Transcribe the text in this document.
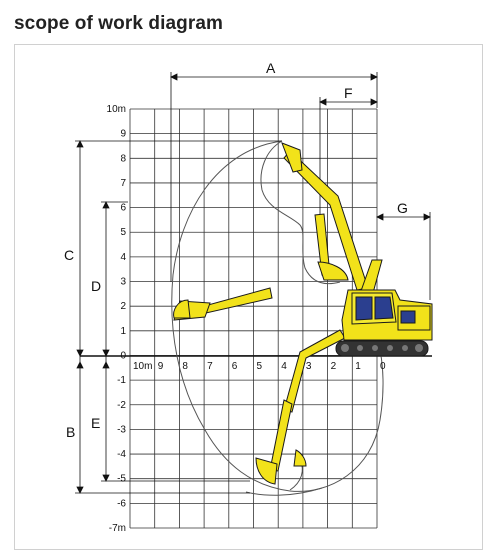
scope of work diagram
A
F
G
C
D
B
E
10m
9
8
7
6
5
4
3
2
1
0
-1
-2
-3
-4
-5
-6
-7m
10m 9 8 7 6 5 4 3 2 1 0
